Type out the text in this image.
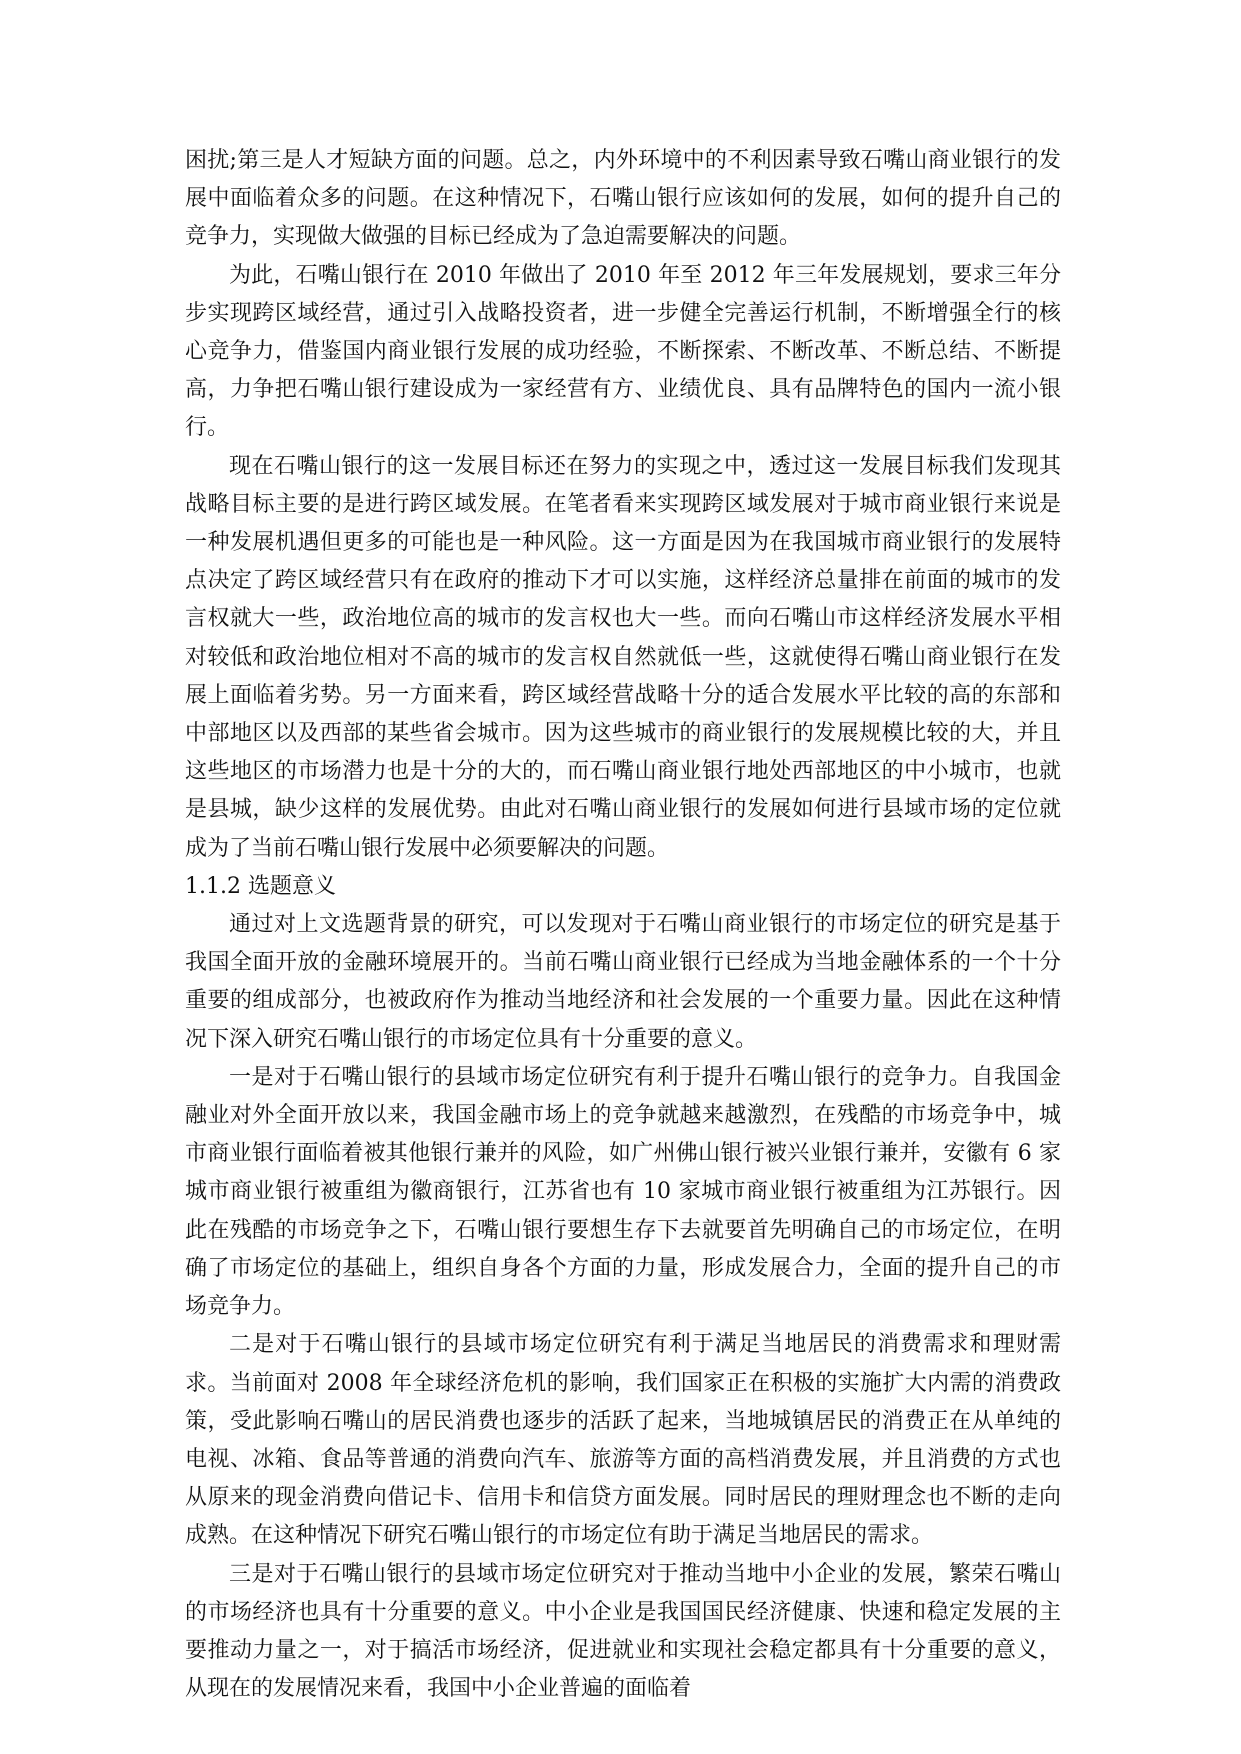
困扰;第三是人才短缺方面的问题。总之，内外环境中的不利因素导致石嘴山商业银行的发展中面临着众多的问题。在这种情况下，石嘴山银行应该如何的发展，如何的提升自己的竞争力，实现做大做强的目标已经成为了急迫需要解决的问题。

为此，石嘴山银行在 2010 年做出了 2010 年至 2012 年三年发展规划，要求三年分步实现跨区域经营，通过引入战略投资者，进一步健全完善运行机制，不断增强全行的核心竞争力，借鉴国内商业银行发展的成功经验，不断探索、不断改革、不断总结、不断提高，力争把石嘴山银行建设成为一家经营有方、业绩优良、具有品牌特色的国内一流小银行。

现在石嘴山银行的这一发展目标还在努力的实现之中，透过这一发展目标我们发现其战略目标主要的是进行跨区域发展。在笔者看来实现跨区域发展对于城市商业银行来说是一种发展机遇但更多的可能也是一种风险。这一方面是因为在我国城市商业银行的发展特点决定了跨区域经营只有在政府的推动下才可以实施，这样经济总量排在前面的城市的发言权就大一些，政治地位高的城市的发言权也大一些。而向石嘴山市这样经济发展水平相对较低和政治地位相对不高的城市的发言权自然就低一些，这就使得石嘴山商业银行在发展上面临着劣势。另一方面来看，跨区域经营战略十分的适合发展水平比较的高的东部和中部地区以及西部的某些省会城市。因为这些城市的商业银行的发展规模比较的大，并且这些地区的市场潜力也是十分的大的，而石嘴山商业银行地处西部地区的中小城市，也就是县城，缺少这样的发展优势。由此对石嘴山商业银行的发展如何进行县域市场的定位就成为了当前石嘴山银行发展中必须要解决的问题。

1.1.2 选题意义

通过对上文选题背景的研究，可以发现对于石嘴山商业银行的市场定位的研究是基于我国全面开放的金融环境展开的。当前石嘴山商业银行已经成为当地金融体系的一个十分重要的组成部分，也被政府作为推动当地经济和社会发展的一个重要力量。因此在这种情况下深入研究石嘴山银行的市场定位具有十分重要的意义。

一是对于石嘴山银行的县域市场定位研究有利于提升石嘴山银行的竞争力。自我国金融业对外全面开放以来，我国金融市场上的竞争就越来越激烈，在残酷的市场竞争中，城市商业银行面临着被其他银行兼并的风险，如广州佛山银行被兴业银行兼并，安徽有 6 家城市商业银行被重组为徽商银行，江苏省也有 10 家城市商业银行被重组为江苏银行。因此在残酷的市场竞争之下，石嘴山银行要想生存下去就要首先明确自己的市场定位，在明确了市场定位的基础上，组织自身各个方面的力量，形成发展合力，全面的提升自己的市场竞争力。

二是对于石嘴山银行的县域市场定位研究有利于满足当地居民的消费需求和理财需求。当前面对 2008 年全球经济危机的影响，我们国家正在积极的实施扩大内需的消费政策，受此影响石嘴山的居民消费也逐步的活跃了起来，当地城镇居民的消费正在从单纯的电视、冰箱、食品等普通的消费向汽车、旅游等方面的高档消费发展，并且消费的方式也从原来的现金消费向借记卡、信用卡和信贷方面发展。同时居民的理财理念也不断的走向成熟。在这种情况下研究石嘴山银行的市场定位有助于满足当地居民的需求。

三是对于石嘴山银行的县域市场定位研究对于推动当地中小企业的发展，繁荣石嘴山的市场经济也具有十分重要的意义。中小企业是我国国民经济健康、快速和稳定发展的主要推动力量之一，对于搞活市场经济，促进就业和实现社会稳定都具有十分重要的意义，从现在的发展情况来看，我国中小企业普遍的面临着
